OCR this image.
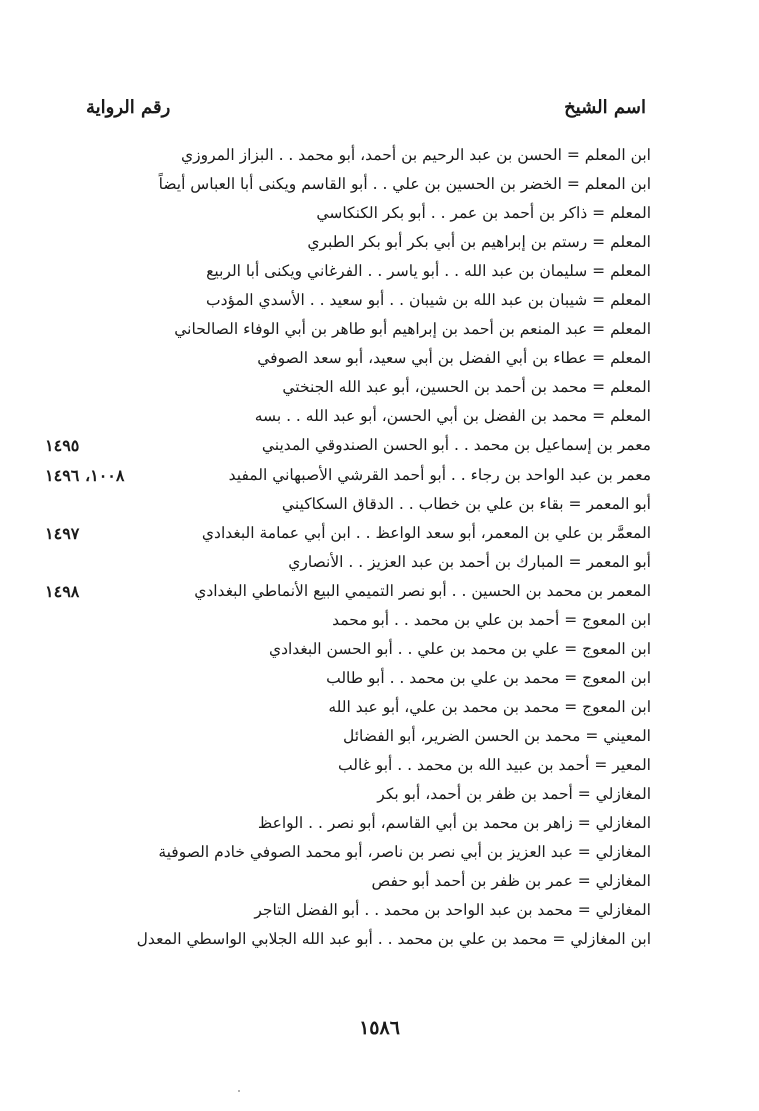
اسم الشيخ
رقم الرواية
ابن المعلم = الحسن بن عبد الرحيم بن أحمد، أبو محمد . . البزاز المروزي
ابن المعلم = الخضر بن الحسين بن علي . . أبو القاسم ويكنى أبا العباس أيضاً
المعلم = ذاكر بن أحمد بن عمر . . أبو بكر الكنكاسي
المعلم = رستم بن إبراهيم بن أبي بكر أبو بكر الطبري
المعلم = سليمان بن عبد الله . . أبو ياسر . . الفرغاني ويكنى أبا الربيع
المعلم = شيبان بن عبد الله بن شيبان . . أبو سعيد . . الأسدي المؤدب
المعلم = عبد المنعم بن أحمد بن إبراهيم أبو طاهر بن أبي الوفاء الصالحاني
المعلم = عطاء بن أبي الفضل بن أبي سعيد، أبو سعد الصوفي
المعلم = محمد بن أحمد بن الحسين، أبو عبد الله الجنختي
المعلم = محمد بن الفضل بن أبي الحسن، أبو عبد الله . . بسه
معمر بن إسماعيل بن محمد . . أبو الحسن الصندوقي المديني
١٤٩٥
معمر بن عبد الواحد بن رجاء . . أبو أحمد القرشي الأصبهاني المفيد
١٠٠٨، ١٤٩٦
أبو المعمر = بقاء بن علي بن خطاب . . الدقاق السكاكيني
المعمَّر بن علي بن المعمر، أبو سعد الواعظ . . ابن أبي عمامة البغدادي
١٤٩٧
أبو المعمر = المبارك بن أحمد بن عبد العزيز . . الأنصاري
المعمر بن محمد بن الحسين . . أبو نصر التميمي البيع الأنماطي البغدادي
١٤٩٨
ابن المعوج = أحمد بن علي بن محمد . . أبو محمد
ابن المعوج = علي بن محمد بن علي . . أبو الحسن البغدادي
ابن المعوج = محمد بن علي بن محمد . . أبو طالب
ابن المعوج = محمد بن محمد بن علي، أبو عبد الله
المعيني = محمد بن الحسن الضرير، أبو الفضائل
المعير = أحمد بن عبيد الله بن محمد . . أبو غالب
المغازلي = أحمد بن ظفر بن أحمد، أبو بكر
المغازلي = زاهر بن محمد بن أبي القاسم، أبو نصر . . الواعظ
المغازلي = عبد العزيز بن أبي نصر بن ناصر، أبو محمد الصوفي خادم الصوفية
المغازلي = عمر بن ظفر بن أحمد أبو حفص
المغازلي = محمد بن عبد الواحد بن محمد . . أبو الفضل التاجر
ابن المغازلي = محمد بن علي بن محمد . . أبو عبد الله الجلابي الواسطي المعدل
١٥٨٦
